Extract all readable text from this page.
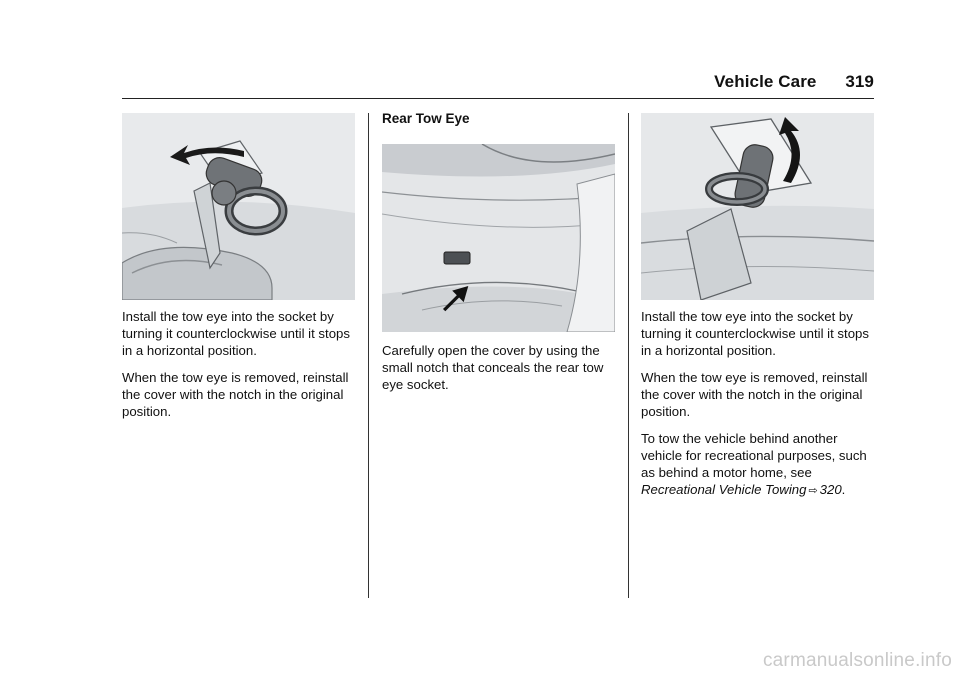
Vehicle Care 319

Install the tow eye into the socket by turning it counterclockwise until it stops in a horizontal position.

When the tow eye is removed, reinstall the cover with the notch in the original position.

Rear Tow Eye

Carefully open the cover by using the small notch that conceals the rear tow eye socket.

Install the tow eye into the socket by turning it counterclockwise until it stops in a horizontal position.

When the tow eye is removed, reinstall the cover with the notch in the original position.

To tow the vehicle behind another vehicle for recreational purposes, such as behind a motor home, see Recreational Vehicle Towing ⇨ 320.

carmanualsonline.info
